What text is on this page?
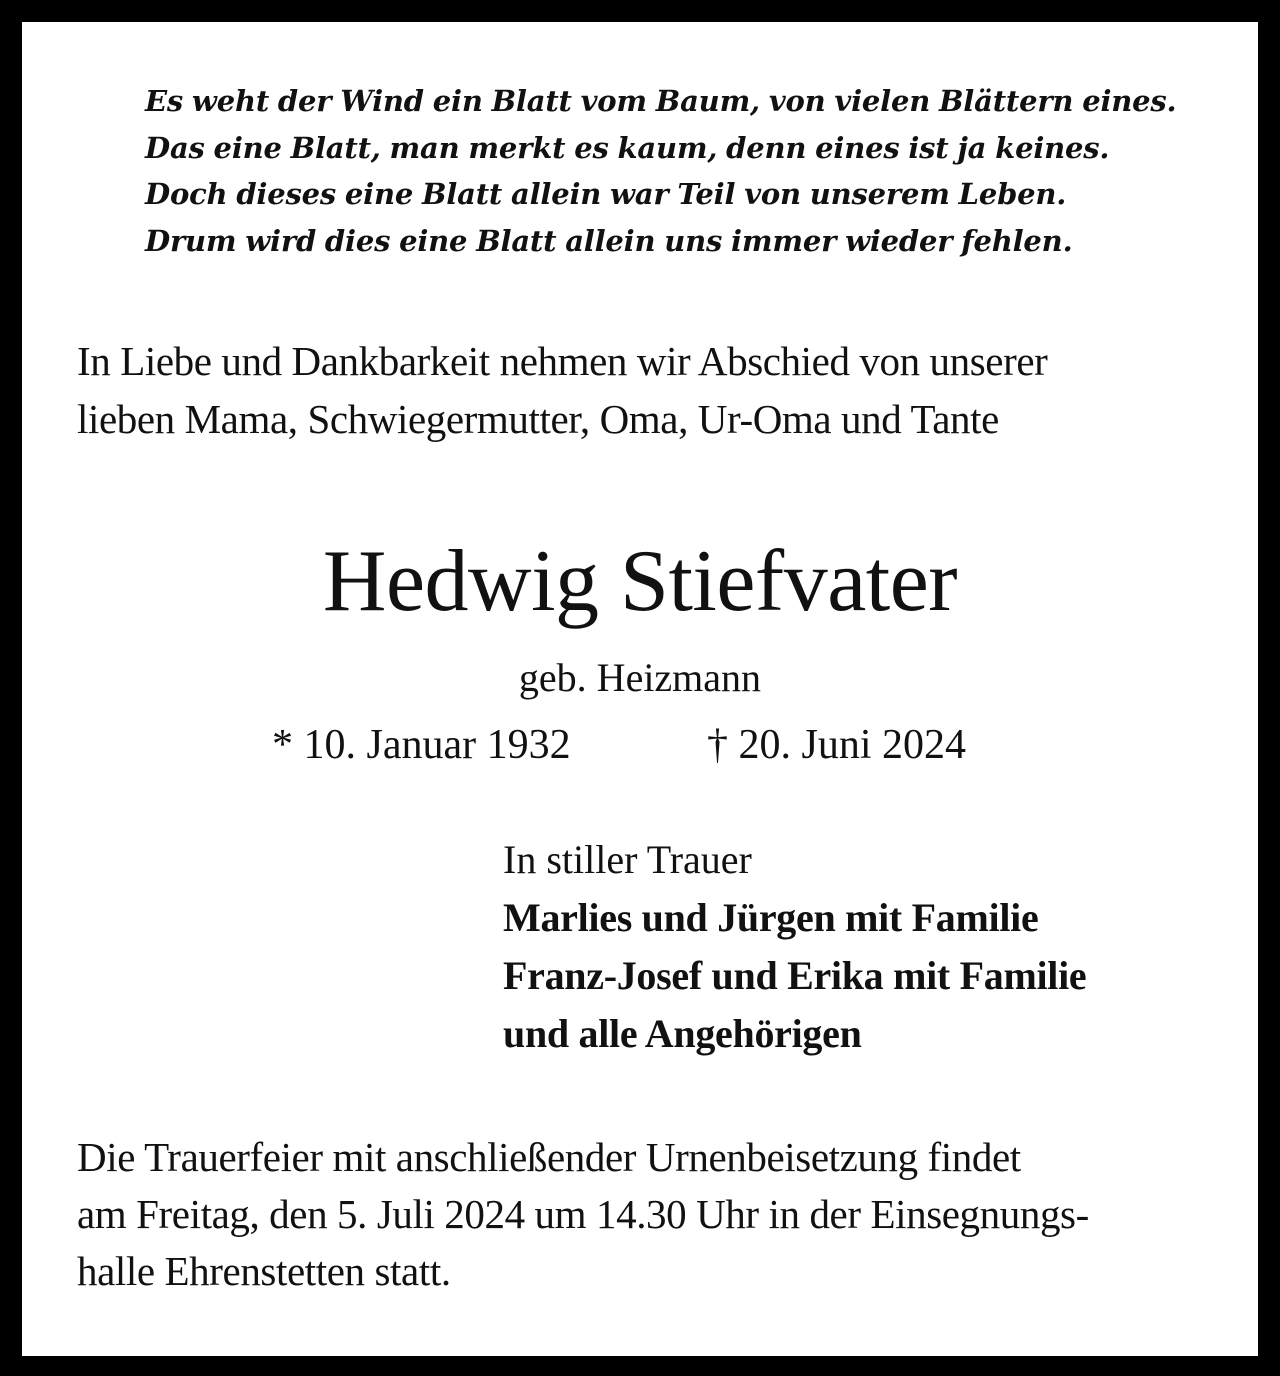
Es weht der Wind ein Blatt vom Baum, von vielen Blättern eines.
Das eine Blatt, man merkt es kaum, denn eines ist ja keines.
Doch dieses eine Blatt allein war Teil von unserem Leben.
Drum wird dies eine Blatt allein uns immer wieder fehlen.
In Liebe und Dankbarkeit nehmen wir Abschied von unserer
lieben Mama, Schwiegermutter, Oma, Ur-Oma und Tante
Hedwig Stiefvater
geb. Heizmann
* 10. Januar 1932	† 20. Juni 2024
In stiller Trauer
Marlies und Jürgen mit Familie
Franz-Josef und Erika mit Familie
und alle Angehörigen
Die Trauerfeier mit anschließender Urnenbeisetzung findet
am Freitag, den 5. Juli 2024 um 14.30 Uhr in der Einsegnungs-
halle Ehrenstetten statt.
